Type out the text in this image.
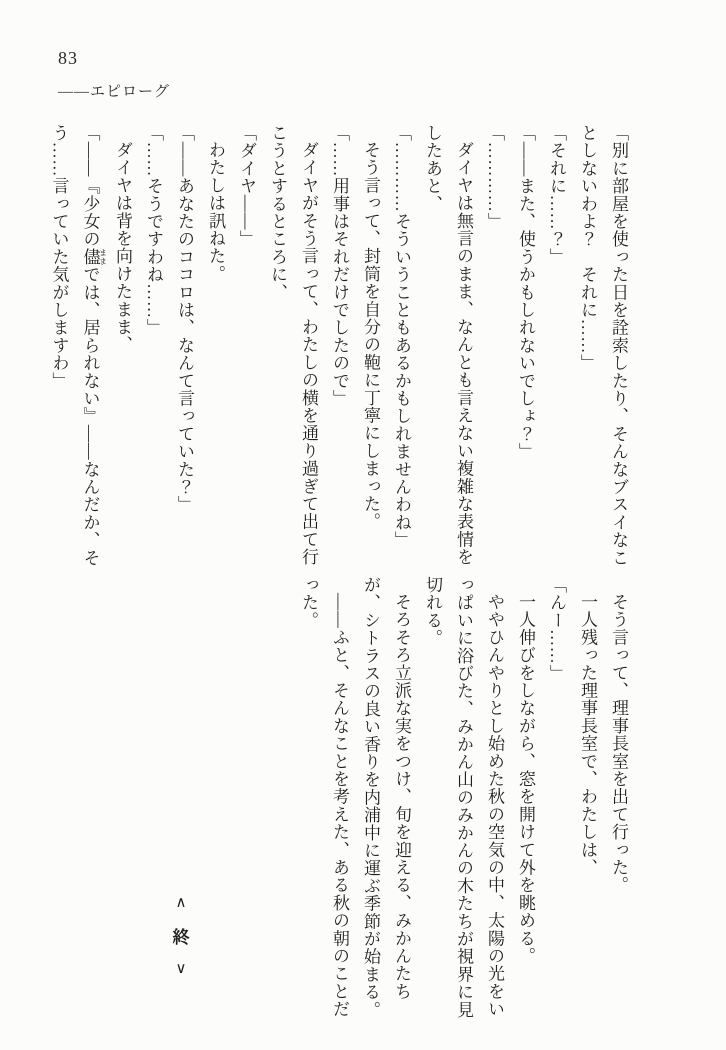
83
——エピローグ

「別に部屋を使った日を詮索したり、そんなブスイなことしないわよ？　それに……」

「それに……？」

「——また、使うかもしれないでしょ？」

「…………」

ダイヤは無言のまま、なんとも言えない複雑な表情をしたあと、

「…………そういうこともあるかもしれませんわね」

そう言って、封筒を自分の鞄に丁寧にしまった。

「……用事はそれだけでしたので」

ダイヤがそう言って、わたしの横を通り過ぎて出て行こうとするところに、

「ダイヤ——」

わたしは訊ねた。

「——あなたのココロは、なんて言っていた？」

「……そうですわね……」

ダイヤは背を向けたまま、

「——『少女の儘 ままでは、居られない』——なんだか、そう……言っていた気がしますわ」

そう言って、理事長室を出て行った。

一人残った理事長室で、わたしは、

「んー……」

一人伸びをしながら、窓を開けて外を眺める。

ややひんやりとし始めた秋の空気の中、太陽の光をいっぱいに浴びた、みかん山のみかんの木たちが視界に見切れる。

そろそろ立派な実をつけ、旬を迎える、みかんたちが、シトラスの良い香りを内浦中に運ぶ季節が始まる。

——ふと、そんなことを考えた、ある秋の朝のことだった。

∧
終
∨
